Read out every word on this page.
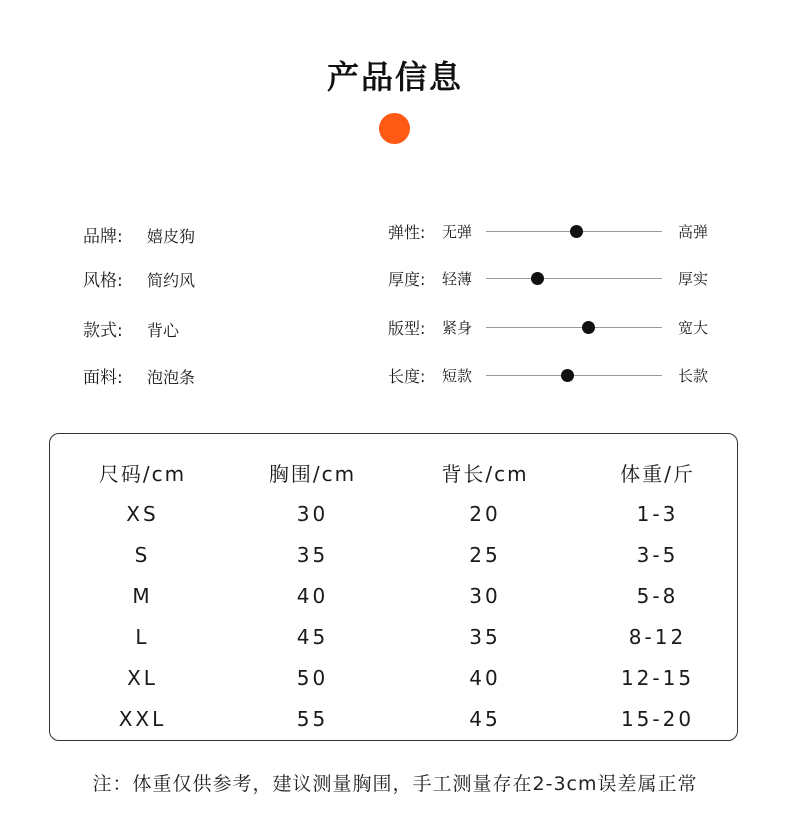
产品信息
品牌: 嬉皮狗
风格: 简约风
款式: 背心
面料: 泡泡条
弹性: 无弹	高弹
厚度: 轻薄	厚实
版型: 紧身	宽大
长度: 短款	长款
尺码/cm	胸围/cm	背长/cm	体重/斤
XS	30	20	1-3
S	35	25	3-5
M	40	30	5-8
L	45	35	8-12
XL	50	40	12-15
XXL	55	45	15-20
注：体重仅供参考，建议测量胸围，手工测量存在2-3cm误差属正常
